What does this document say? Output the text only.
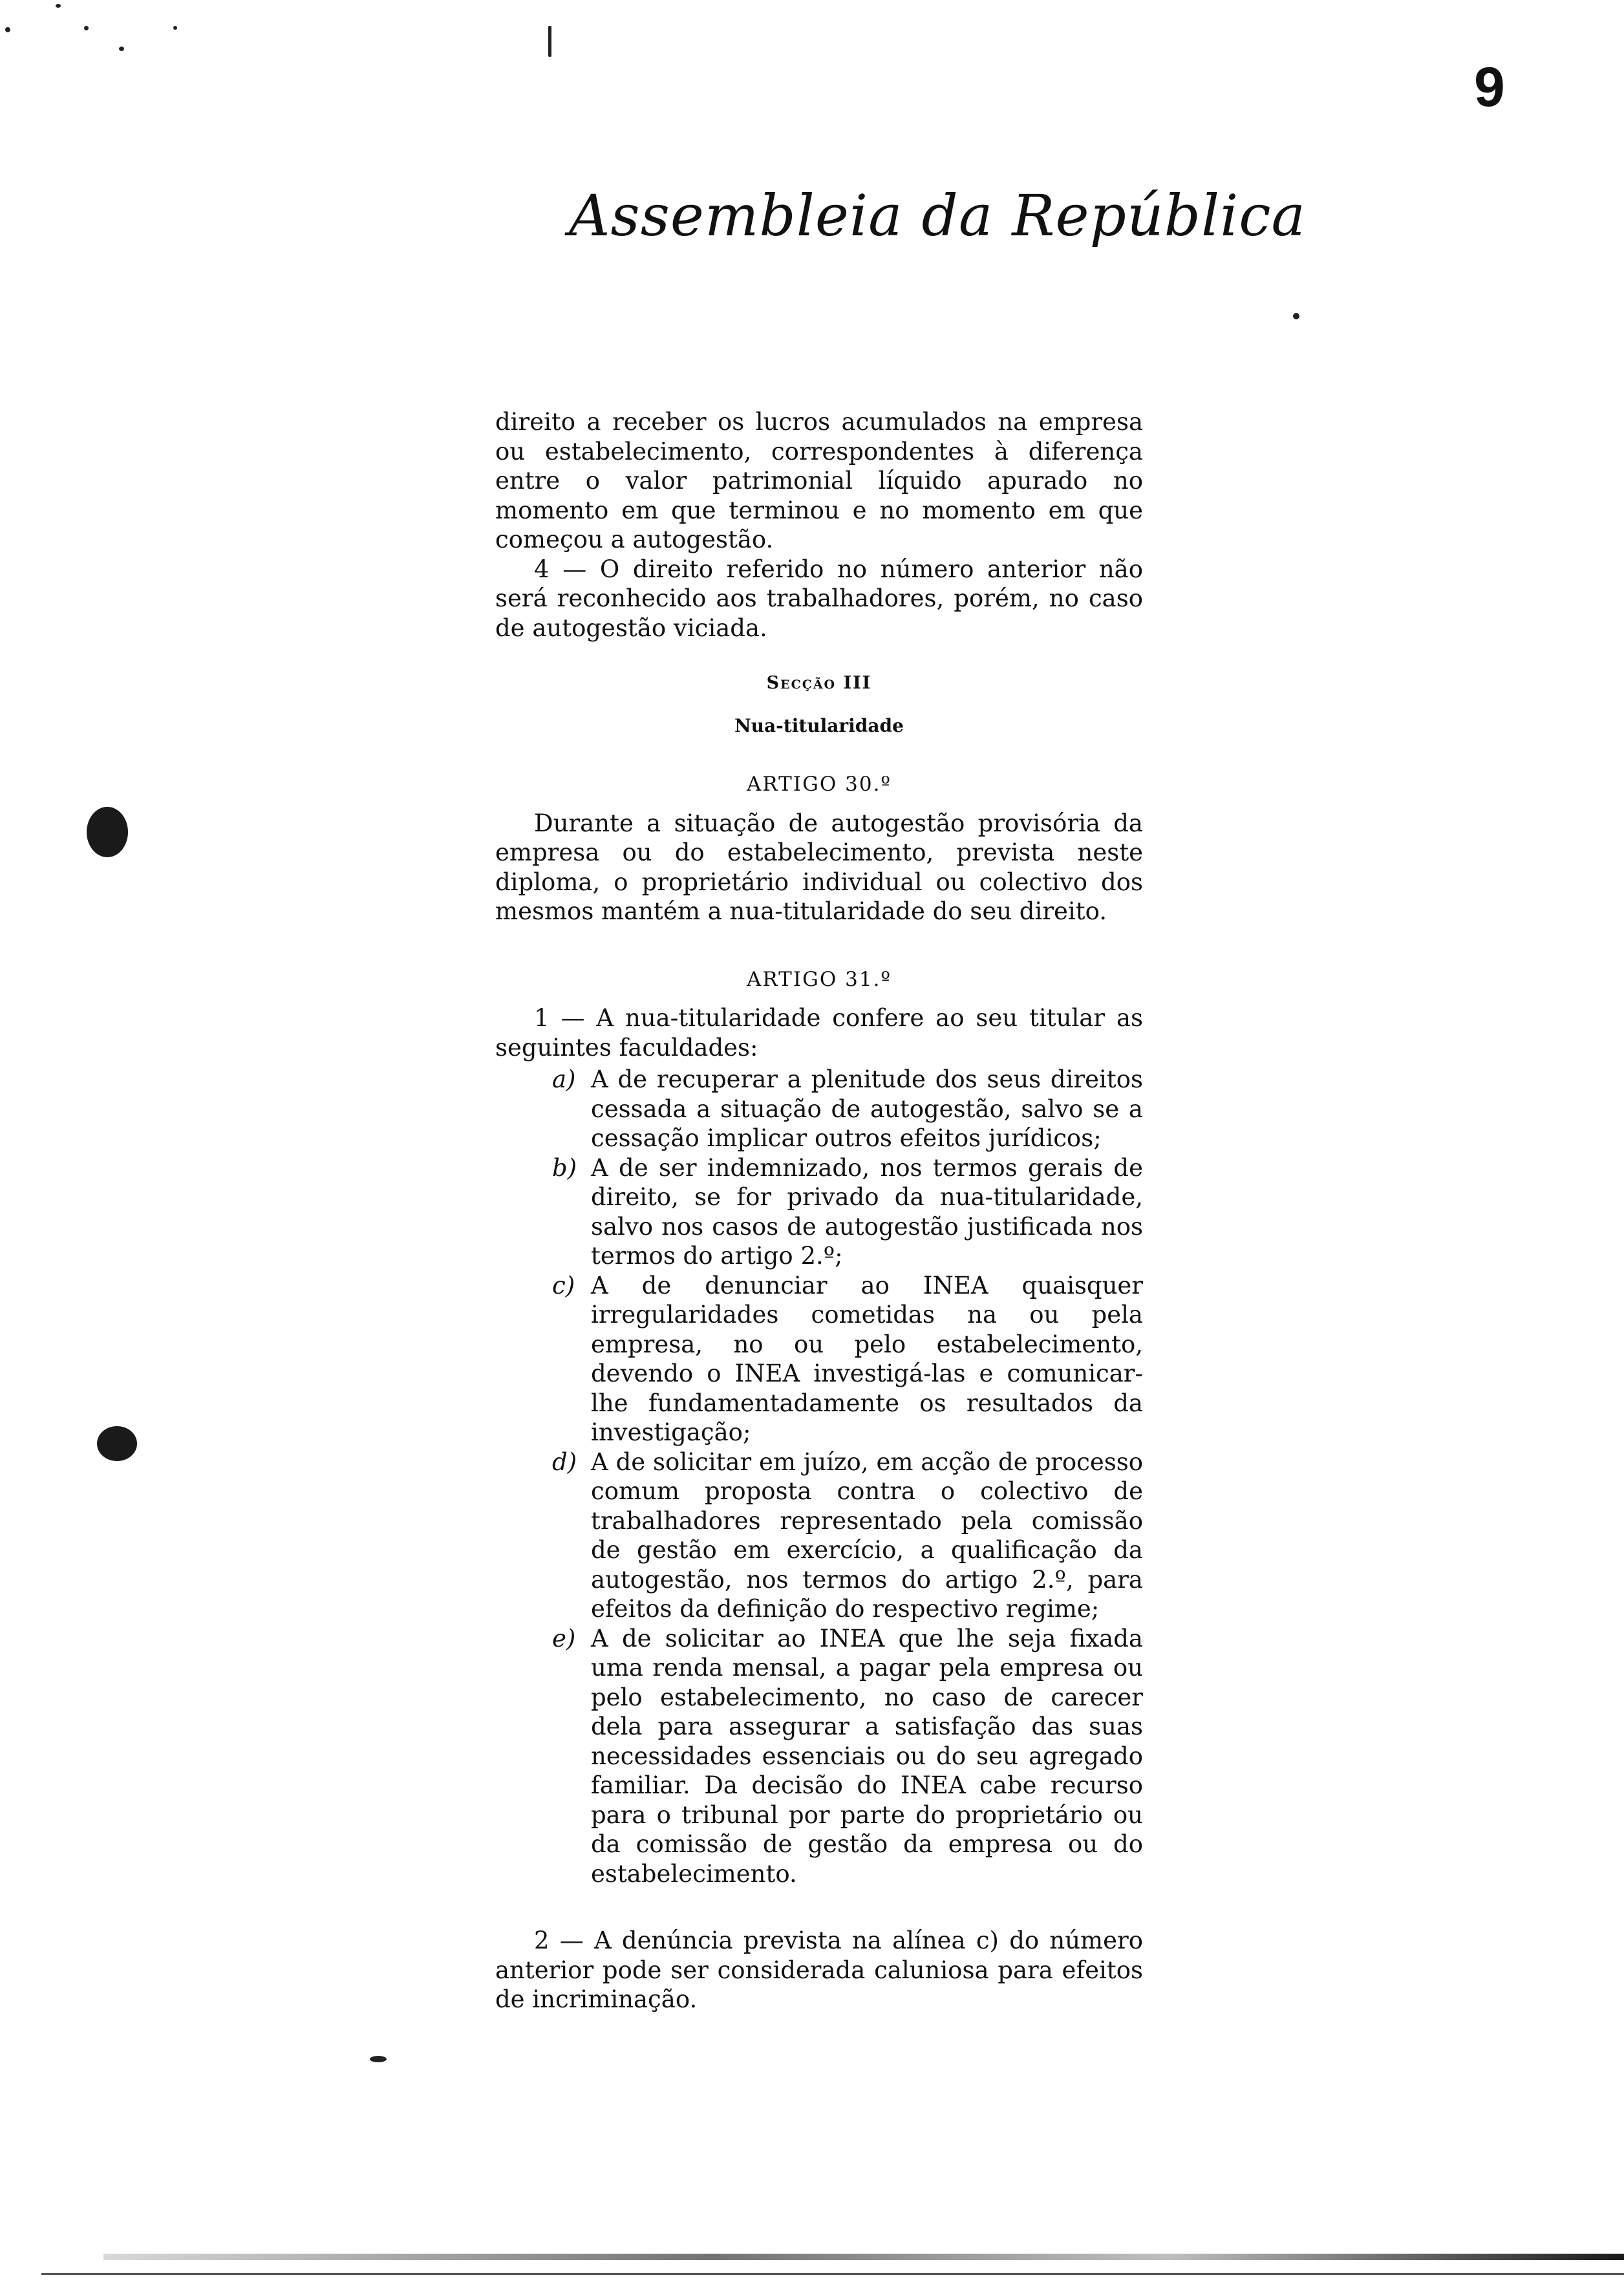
9
Assembleia da República

direito a receber os lucros acumulados na empresa ou estabelecimento, correspondentes à diferença entre o valor patrimonial líquido apurado no momento em que terminou e no momento em que começou a autogestão.

4 — O direito referido no número anterior não será reconhecido aos trabalhadores, porém, no caso de autogestão viciada.

Secção III

Nua-titularidade

ARTIGO 30.º

Durante a situação de autogestão provisória da empresa ou do estabelecimento, prevista neste diploma, o proprietário individual ou colectivo dos mesmos mantém a nua-titularidade do seu direito.

ARTIGO 31.º

1 — A nua-titularidade confere ao seu titular as seguintes faculdades:

a) A de recuperar a plenitude dos seus direitos cessada a situação de autogestão, salvo se a cessação implicar outros efeitos jurídicos;
b) A de ser indemnizado, nos termos gerais de direito, se for privado da nua-titularidade, salvo nos casos de autogestão justificada nos termos do artigo 2.º;
c) A de denunciar ao INEA quaisquer irregularidades cometidas na ou pela empresa, no ou pelo estabelecimento, devendo o INEA investigá-las e comunicar-lhe fundamentadamente os resultados da investigação;
d) A de solicitar em juízo, em acção de processo comum proposta contra o colectivo de trabalhadores representado pela comissão de gestão em exercício, a qualificação da autogestão, nos termos do artigo 2.º, para efeitos da definição do respectivo regime;
e) A de solicitar ao INEA que lhe seja fixada uma renda mensal, a pagar pela empresa ou pelo estabelecimento, no caso de carecer dela para assegurar a satisfação das suas necessidades essenciais ou do seu agregado familiar. Da decisão do INEA cabe recurso para o tribunal por parte do proprietário ou da comissão de gestão da empresa ou do estabelecimento.

2 — A denúncia prevista na alínea c) do número anterior pode ser considerada caluniosa para efeitos de incriminação.
